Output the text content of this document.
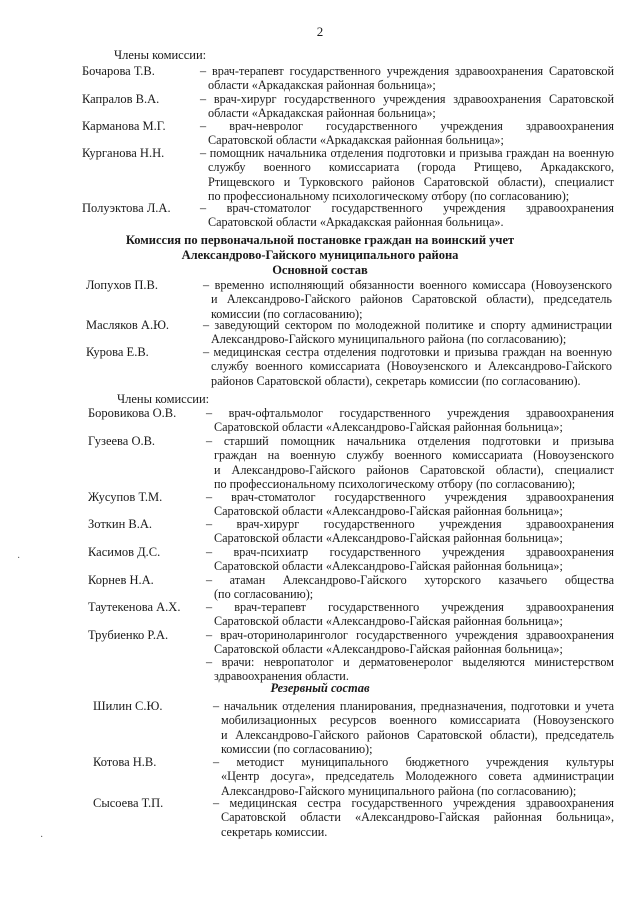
2
Члены комиссии:
Комиссия по первоначальной постановке граждан на воинский учет
Александрово-Гайского муниципального района
Основной состав
Члены комиссии:
Резервный состав
Бочарова Т.В.	– врач-терапевт государственного учреждения здравоохранения Саратовской
области «Аркадакская районная больница»;
Капралов В.А.	– врач-хирург государственного учреждения здравоохранения Саратовской
области «Аркадакская районная больница»;
Карманова М.Г.	– врач-невролог государственного учреждения здравоохранения
Саратовской области «Аркадакская районная больница»;
Курганова Н.Н.	– помощник начальника отделения подготовки и призыва граждан на военную
службу военного комиссариата (города Ртищево, Аркадакского,
Ртищевского и Турковского районов Саратовской области), специалист
по профессиональному психологическому отбору (по согласованию);
Полуэктова Л.А. – врач-стоматолог государственного учреждения здравоохранения
Саратовской области «Аркадакская районная больница».
Лопухов П.В.	– временно исполняющий обязанности военного комиссара (Новоузенского
и Александрово-Гайского районов Саратовской области), председатель
комиссии (по согласованию);
Масляков А.Ю.	– заведующий сектором по молодежной политике и спорту администрации
Александрово-Гайского муниципального района (по согласованию);
Курова Е.В.	– медицинская сестра отделения подготовки и призыва граждан на военную
службу военного комиссариата (Новоузенского и Александрово-Гайского
районов Саратовской области), секретарь комиссии (по согласованию).
Боровикова О.В. – врач-офтальмолог государственного учреждения здравоохранения
Саратовской области «Александрово-Гайская районная больница»;
Гузеева О.В.	– старший помощник начальника отделения подготовки и призыва
граждан на военную службу военного комиссариата (Новоузенского
и Александрово-Гайского районов Саратовской области), специалист
по профессиональному психологическому отбору (по согласованию);
Жусупов Т.М.	– врач-стоматолог государственного учреждения здравоохранения
Саратовской области «Александрово-Гайская районная больница»;
Зоткин В.А.	– врач-хирург государственного учреждения здравоохранения
Саратовской области «Александрово-Гайская районная больница»;
Касимов Д.С.	– врач-психиатр государственного учреждения здравоохранения
Саратовской области «Александрово-Гайская районная больница»;
Корнев Н.А.	– атаман Александрово-Гайского хуторского казачьего общества
(по согласованию);
Таутекенова А.Х. – врач-терапевт государственного учреждения здравоохранения
Саратовской области «Александрово-Гайская районная больница»;
Трубиенко Р.А.	– врач-оториноларинголог государственного учреждения здравоохранения
Саратовской области «Александрово-Гайская районная больница»;
– врачи: невропатолог и дерматовенеролог выделяются министерством
здравоохранения области.
Шилин С.Ю.	– начальник отделения планирования, предназначения, подготовки и учета
мобилизационных ресурсов военного комиссариата (Новоузенского
и Александрово-Гайского районов Саратовской области), председатель
комиссии (по согласованию);
Котова Н.В.	– методист муниципального бюджетного учреждения культуры
«Центр досуга», председатель Молодежного совета администрации
Александрово-Гайского муниципального района (по согласованию);
Сысоева Т.П.	– медицинская сестра государственного учреждения здравоохранения
Саратовской области «Александрово-Гайская районная больница»,
секретарь комиссии.
·
·
